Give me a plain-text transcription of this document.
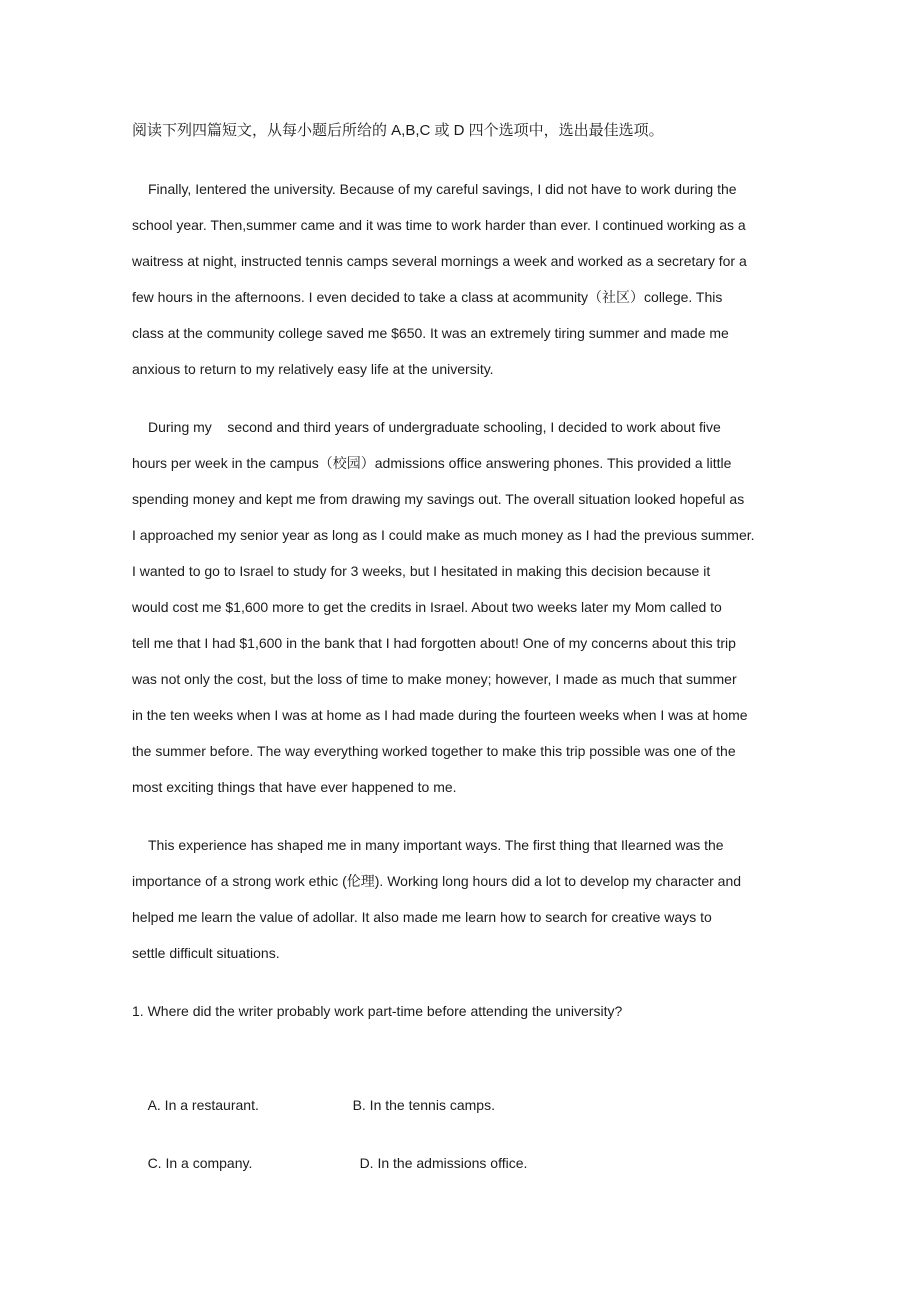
阅读下列四篇短文，从每小题后所给的 A,B,C 或 D 四个选项中，选出最佳选项。
Finally, Ientered the university. Because of my careful savings, I did not have to work during the
school year. Then,summer came and it was time to work harder than ever. I continued working as a
waitress at night, instructed tennis camps several mornings a week and worked as a secretary for a
few hours in the afternoons. I even decided to take a class at acommunity（社区）college. This
class at the community college saved me $650. It was an extremely tiring summer and made me
anxious to return to my relatively easy life at the university.
During my    second and third years of undergraduate schooling, I decided to work about five
hours per week in the campus（校园）admissions office answering phones. This provided a little
spending money and kept me from drawing my savings out. The overall situation looked hopeful as
I approached my senior year as long as I could make as much money as I had the previous summer.
I wanted to go to Israel to study for 3 weeks, but I hesitated in making this decision because it
would cost me $1,600 more to get the credits in Israel. About two weeks later my Mom called to
tell me that I had $1,600 in the bank that I had forgotten about! One of my concerns about this trip
was not only the cost, but the loss of time to make money; however, I made as much that summer
in the ten weeks when I was at home as I had made during the fourteen weeks when I was at home
the summer before. The way everything worked together to make this trip possible was one of the
most exciting things that have ever happened to me.
This experience has shaped me in many important ways. The first thing that Ilearned was the
importance of a strong work ethic (伦理). Working long hours did a lot to develop my character and
helped me learn the value of adollar. It also made me learn how to search for creative ways to
settle difficult situations.
1. Where did the writer probably work part-time before attending the university?

A. In a restaurant.	B. In the tennis camps.

C. In a company.	D. In the admissions office.
